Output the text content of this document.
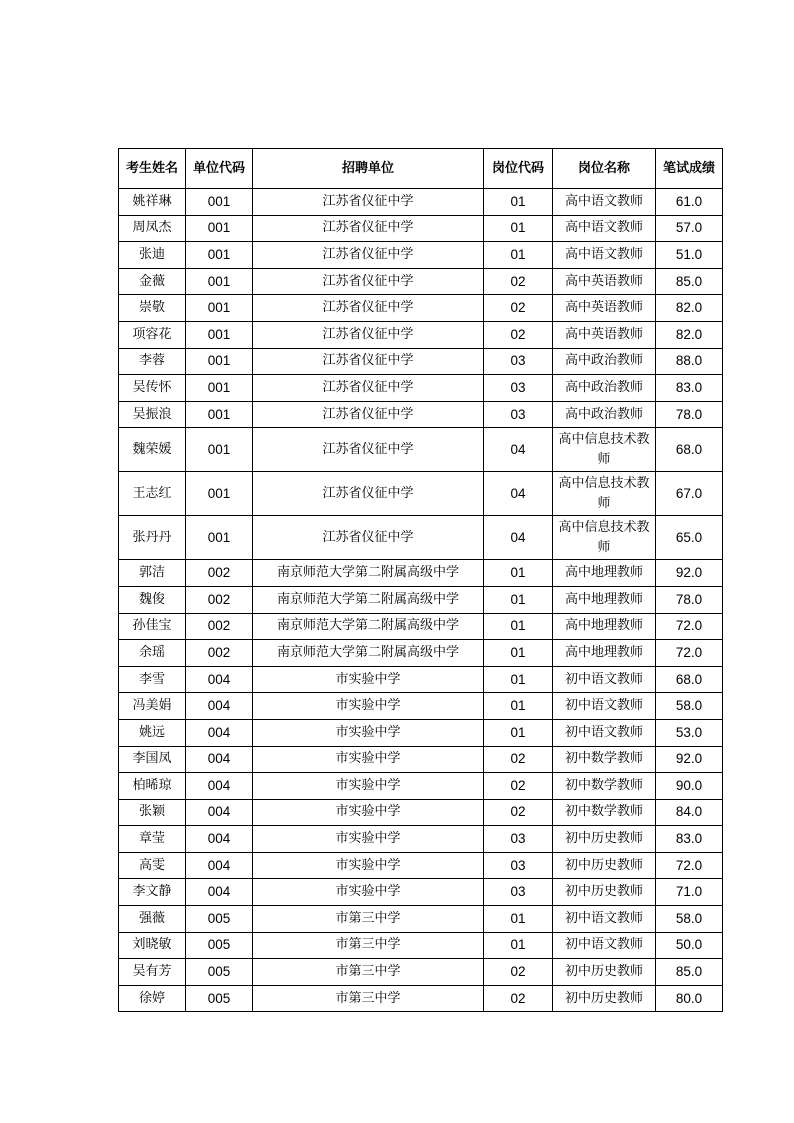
考生姓名	单位代码	招聘单位	岗位代码	岗位名称	笔试成绩
姚祥琳	001	江苏省仪征中学	01	高中语文教师	61.0
周凤杰	001	江苏省仪征中学	01	高中语文教师	57.0
张迪	001	江苏省仪征中学	01	高中语文教师	51.0
金薇	001	江苏省仪征中学	02	高中英语教师	85.0
崇敬	001	江苏省仪征中学	02	高中英语教师	82.0
项容花	001	江苏省仪征中学	02	高中英语教师	82.0
李蓉	001	江苏省仪征中学	03	高中政治教师	88.0
吴传怀	001	江苏省仪征中学	03	高中政治教师	83.0
吴振浪	001	江苏省仪征中学	03	高中政治教师	78.0
魏荣媛	001	江苏省仪征中学	04	高中信息技术教师	68.0
王志红	001	江苏省仪征中学	04	高中信息技术教师	67.0
张丹丹	001	江苏省仪征中学	04	高中信息技术教师	65.0
郭洁	002	南京师范大学第二附属高级中学	01	高中地理教师	92.0
魏俊	002	南京师范大学第二附属高级中学	01	高中地理教师	78.0
孙佳宝	002	南京师范大学第二附属高级中学	01	高中地理教师	72.0
余瑶	002	南京师范大学第二附属高级中学	01	高中地理教师	72.0
李雪	004	市实验中学	01	初中语文教师	68.0
冯美娟	004	市实验中学	01	初中语文教师	58.0
姚远	004	市实验中学	01	初中语文教师	53.0
李国凤	004	市实验中学	02	初中数学教师	92.0
柏晞琼	004	市实验中学	02	初中数学教师	90.0
张颖	004	市实验中学	02	初中数学教师	84.0
章莹	004	市实验中学	03	初中历史教师	83.0
高雯	004	市实验中学	03	初中历史教师	72.0
李文静	004	市实验中学	03	初中历史教师	71.0
强薇	005	市第三中学	01	初中语文教师	58.0
刘晓敏	005	市第三中学	01	初中语文教师	50.0
吴有芳	005	市第三中学	02	初中历史教师	85.0
徐婷	005	市第三中学	02	初中历史教师	80.0
